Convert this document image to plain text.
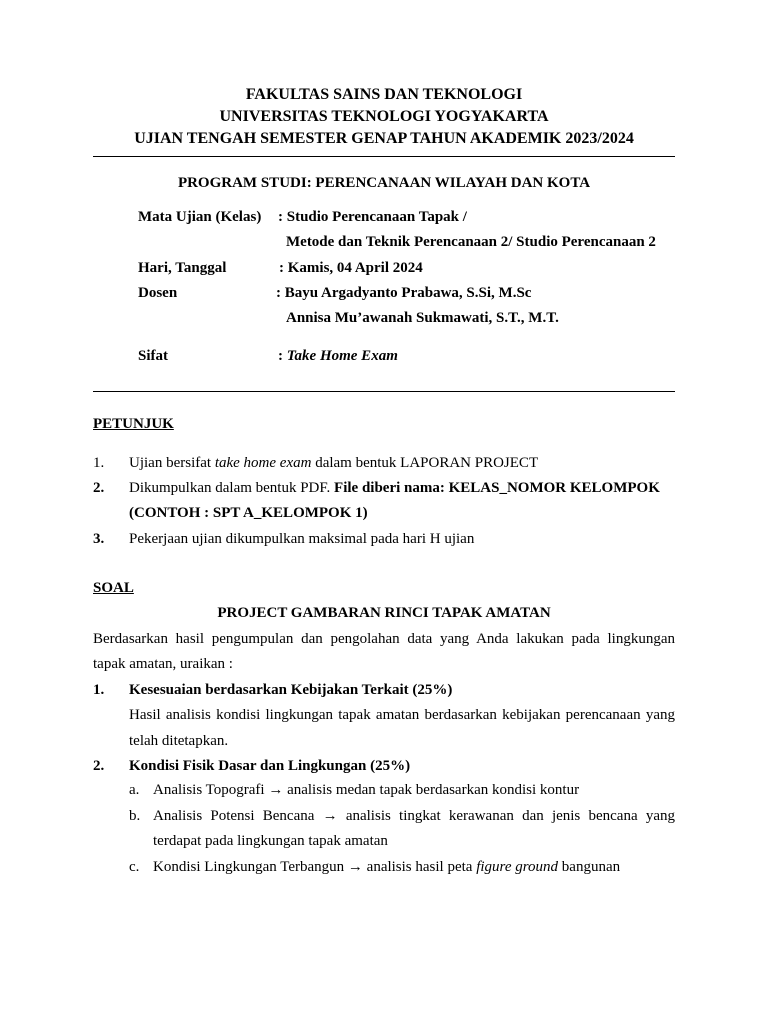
FAKULTAS SAINS DAN TEKNOLOGI
UNIVERSITAS TEKNOLOGI YOGYAKARTA
UJIAN TENGAH SEMESTER GENAP TAHUN AKADEMIK 2023/2024
PROGRAM STUDI: PERENCANAAN WILAYAH DAN KOTA
Mata Ujian (Kelas) : Studio Perencanaan Tapak /
Metode dan Teknik Perencanaan 2/ Studio Perencanaan 2
Hari, Tanggal	: Kamis, 04 April 2024
Dosen	: Bayu Argadyanto Prabawa, S.Si, M.Sc
Annisa Mu’awanah Sukmawati, S.T., M.T.
Sifat	: Take Home Exam
PETUNJUK
1. Ujian bersifat take home exam dalam bentuk LAPORAN PROJECT
2. Dikumpulkan dalam bentuk PDF. File diberi nama: KELAS_NOMOR KELOMPOK
(CONTOH : SPT A_KELOMPOK 1)
3. Pekerjaan ujian dikumpulkan maksimal pada hari H ujian
SOAL
PROJECT GAMBARAN RINCI TAPAK AMATAN
Berdasarkan hasil pengumpulan dan pengolahan data yang Anda lakukan pada lingkungan
tapak amatan, uraikan :
1. Kesesuaian berdasarkan Kebijakan Terkait (25%)
Hasil analisis kondisi lingkungan tapak amatan berdasarkan kebijakan perencanaan yang
telah ditetapkan.
2. Kondisi Fisik Dasar dan Lingkungan (25%)
a. Analisis Topografi → analisis medan tapak berdasarkan kondisi kontur
b. Analisis Potensi Bencana → analisis tingkat kerawanan dan jenis bencana yang
terdapat pada lingkungan tapak amatan
c. Kondisi Lingkungan Terbangun → analisis hasil peta figure ground bangunan
